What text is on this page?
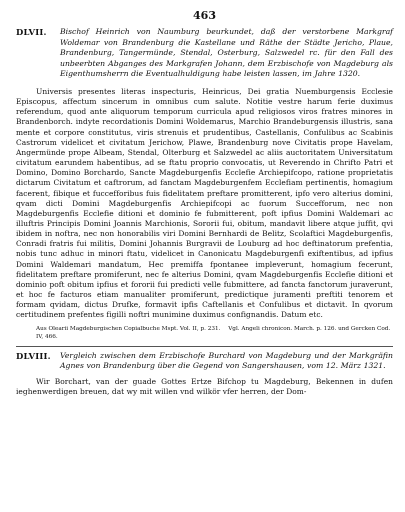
463
DLVII.	Bischof Heinrich von Naumburg beurkundet, daß der verstorbene Markgraf Woldemar von Brandenburg die Kastellane und Räthe der Städte Jericho, Plaue, Brandenburg, Tangermünde, Stendal, Osterburg, Salzwedel rc. für den Fall des unbeerbten Abganges des Markgrafen Johann, dem Erzbischofe von Magdeburg als Eigenthumsherrn die Eventualhuldigung habe leisten lassen, im Jahre 1320.
Universis presentes literas inspecturis, Heinricus, Dei gratia Nuemburgensis Ecclesie Episcopus, affectum sincerum in omnibus cum salute. Notitie vestre harum ferie duximus referendum, quod ante aliquorum temporum curricula apud religiosos viros fratres minores in Brandenborch. indyte recordationis Domini Woldemarus, Marchio Brandeburgensis illustris, sana mente et corpore constitutus, viris strenuis et prudentibus, Castellanis, Confulibus ac Scabinis Castrorum videlicet et civitatum Jerichow, Plawe, Brandenburg nove Civitatis prope Havelam, Angermünde prope Albeam, Stendal, Olterburg et Salzwedel ac aliis auctoritatem Universitatum civitatum earundem habentibus, ad se ftatu proprio convocatis, ut Reverendo in Chrifto Patri et Domino, Domino Borchardo, Sancte Magdeburgenfis Ecclefie Archiepifcopo, ratione proprietatis dictarum Civitatum et caftrorum, ad fanctam Magdeburgenfem Ecclefiam pertinentis, homagium facerent, fibique et fuccefforibus fuis fidelitatem preftare promitterent, ipfo vero alterius domini, qvam dicti Domini Magdeburgenfis Archiepifcopi ac fuorum Succefforum, nec non Magdeburgenfis Ecclefie ditioni et dominio fe fubmitterent, poft ipfius Domini Waldemari ac illuftris Principis Domini Joannis Marchionis, Sororii fui, obitum, mandavit libere atque juffit, qvi ibidem in noftra, nec non honorabilis viri Domini Bernhardi de Belitz, Scolaftici Magdeburgenfis, Conradi fratris fui militis, Domini Johannis Burgravii de Louburg ad hoc deftinatorum prefentia, nobis tunc adhuc in minori ftatu, videlicet in Canonicatu Magdeburgenfi exiftentibus, ad ipfius Domini Waldemari mandatum, Hec premiffa fpontanee impleverunt, homagium fecerunt, fidelitatem preftare promiferunt, nec fe alterius Domini, qvam Magdeburgenfis Ecclefie ditioni et dominio poft obitum ipfius et fororii fui predicti velle fubmittere, ad fancta fanctorum juraverunt, et hoc fe facturos etiam manualiter promiferunt, predictique juramenti preftiti tenorem et formam qvidam, dictus Drufke, formavit ipfis Caftellanis et Confulibus et dictavit. In qvorum certitudinem prefentes figilli noftri munimine duximus confignandis. Datum etc.
Aus Olearii Magdeburgischen Copialbuche Mspt. Vol. II, p. 231. Vgl. Angeli chronicon. March. p. 126. und Gercken Cod. IV, 466.
DLVIII.	Vergleich zwischen dem Erzbischofe Burchard von Magdeburg und der Markgräfin Agnes von Brandenburg über die Gegend von Sangershausen, vom 12. März 1321.
Wir Borchart, van der guade Gottes Ertze Bifchop tu Magdeburg, Bekennen in dufen ieghenwerdigen breuen, dat wy mit willen vnd wilkör vfer herren, der Dom-
